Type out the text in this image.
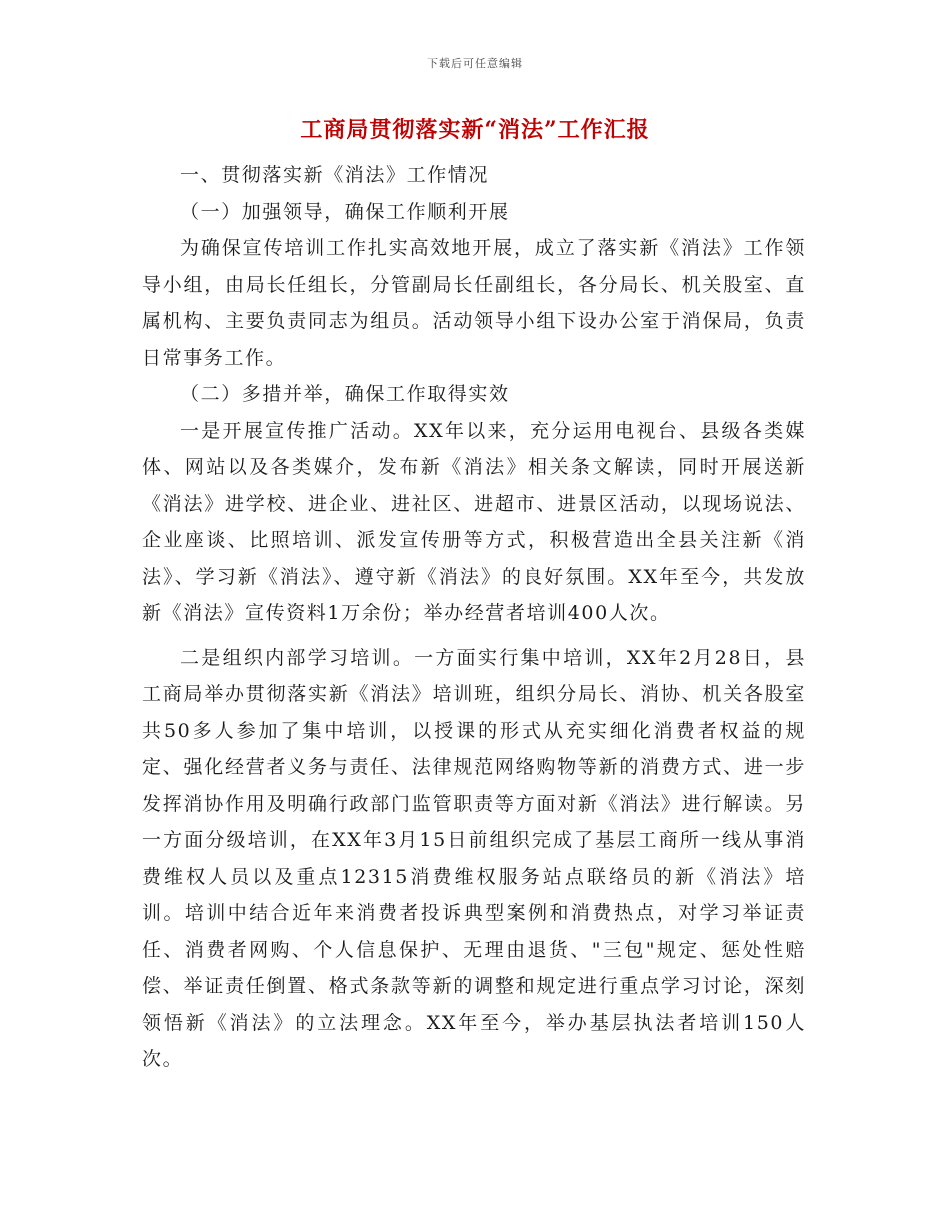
下载后可任意编辑
工商局贯彻落实新“消法”工作汇报

一、贯彻落实新《消法》工作情况

（一）加强领导，确保工作顺利开展

为确保宣传培训工作扎实高效地开展，成立了落实新《消法》工作领导小组，由局长任组长，分管副局长任副组长，各分局长、机关股室、直属机构、主要负责同志为组员。活动领导小组下设办公室于消保局，负责日常事务工作。

（二）多措并举，确保工作取得实效

一是开展宣传推广活动。XX年以来，充分运用电视台、县级各类媒体、网站以及各类媒介，发布新《消法》相关条文解读，同时开展送新《消法》进学校、进企业、进社区、进超市、进景区活动，以现场说法、企业座谈、比照培训、派发宣传册等方式，积极营造出全县关注新《消法》、学习新《消法》、遵守新《消法》的良好氛围。XX年至今，共发放新《消法》宣传资料1万余份；举办经营者培训400人次。

二是组织内部学习培训。一方面实行集中培训，XX年2月28日，县工商局举办贯彻落实新《消法》培训班，组织分局长、消协、机关各股室共50多人参加了集中培训，以授课的形式从充实细化消费者权益的规定、强化经营者义务与责任、法律规范网络购物等新的消费方式、进一步发挥消协作用及明确行政部门监管职责等方面对新《消法》进行解读。另一方面分级培训，在XX年3月15日前组织完成了基层工商所一线从事消费维权人员以及重点12315消费维权服务站点联络员的新《消法》培训。培训中结合近年来消费者投诉典型案例和消费热点，对学习举证责任、消费者网购、个人信息保护、无理由退货、"三包"规定、惩处性赔偿、举证责任倒置、格式条款等新的调整和规定进行重点学习讨论，深刻领悟新《消法》的立法理念。XX年至今，举办基层执法者培训150人次。
